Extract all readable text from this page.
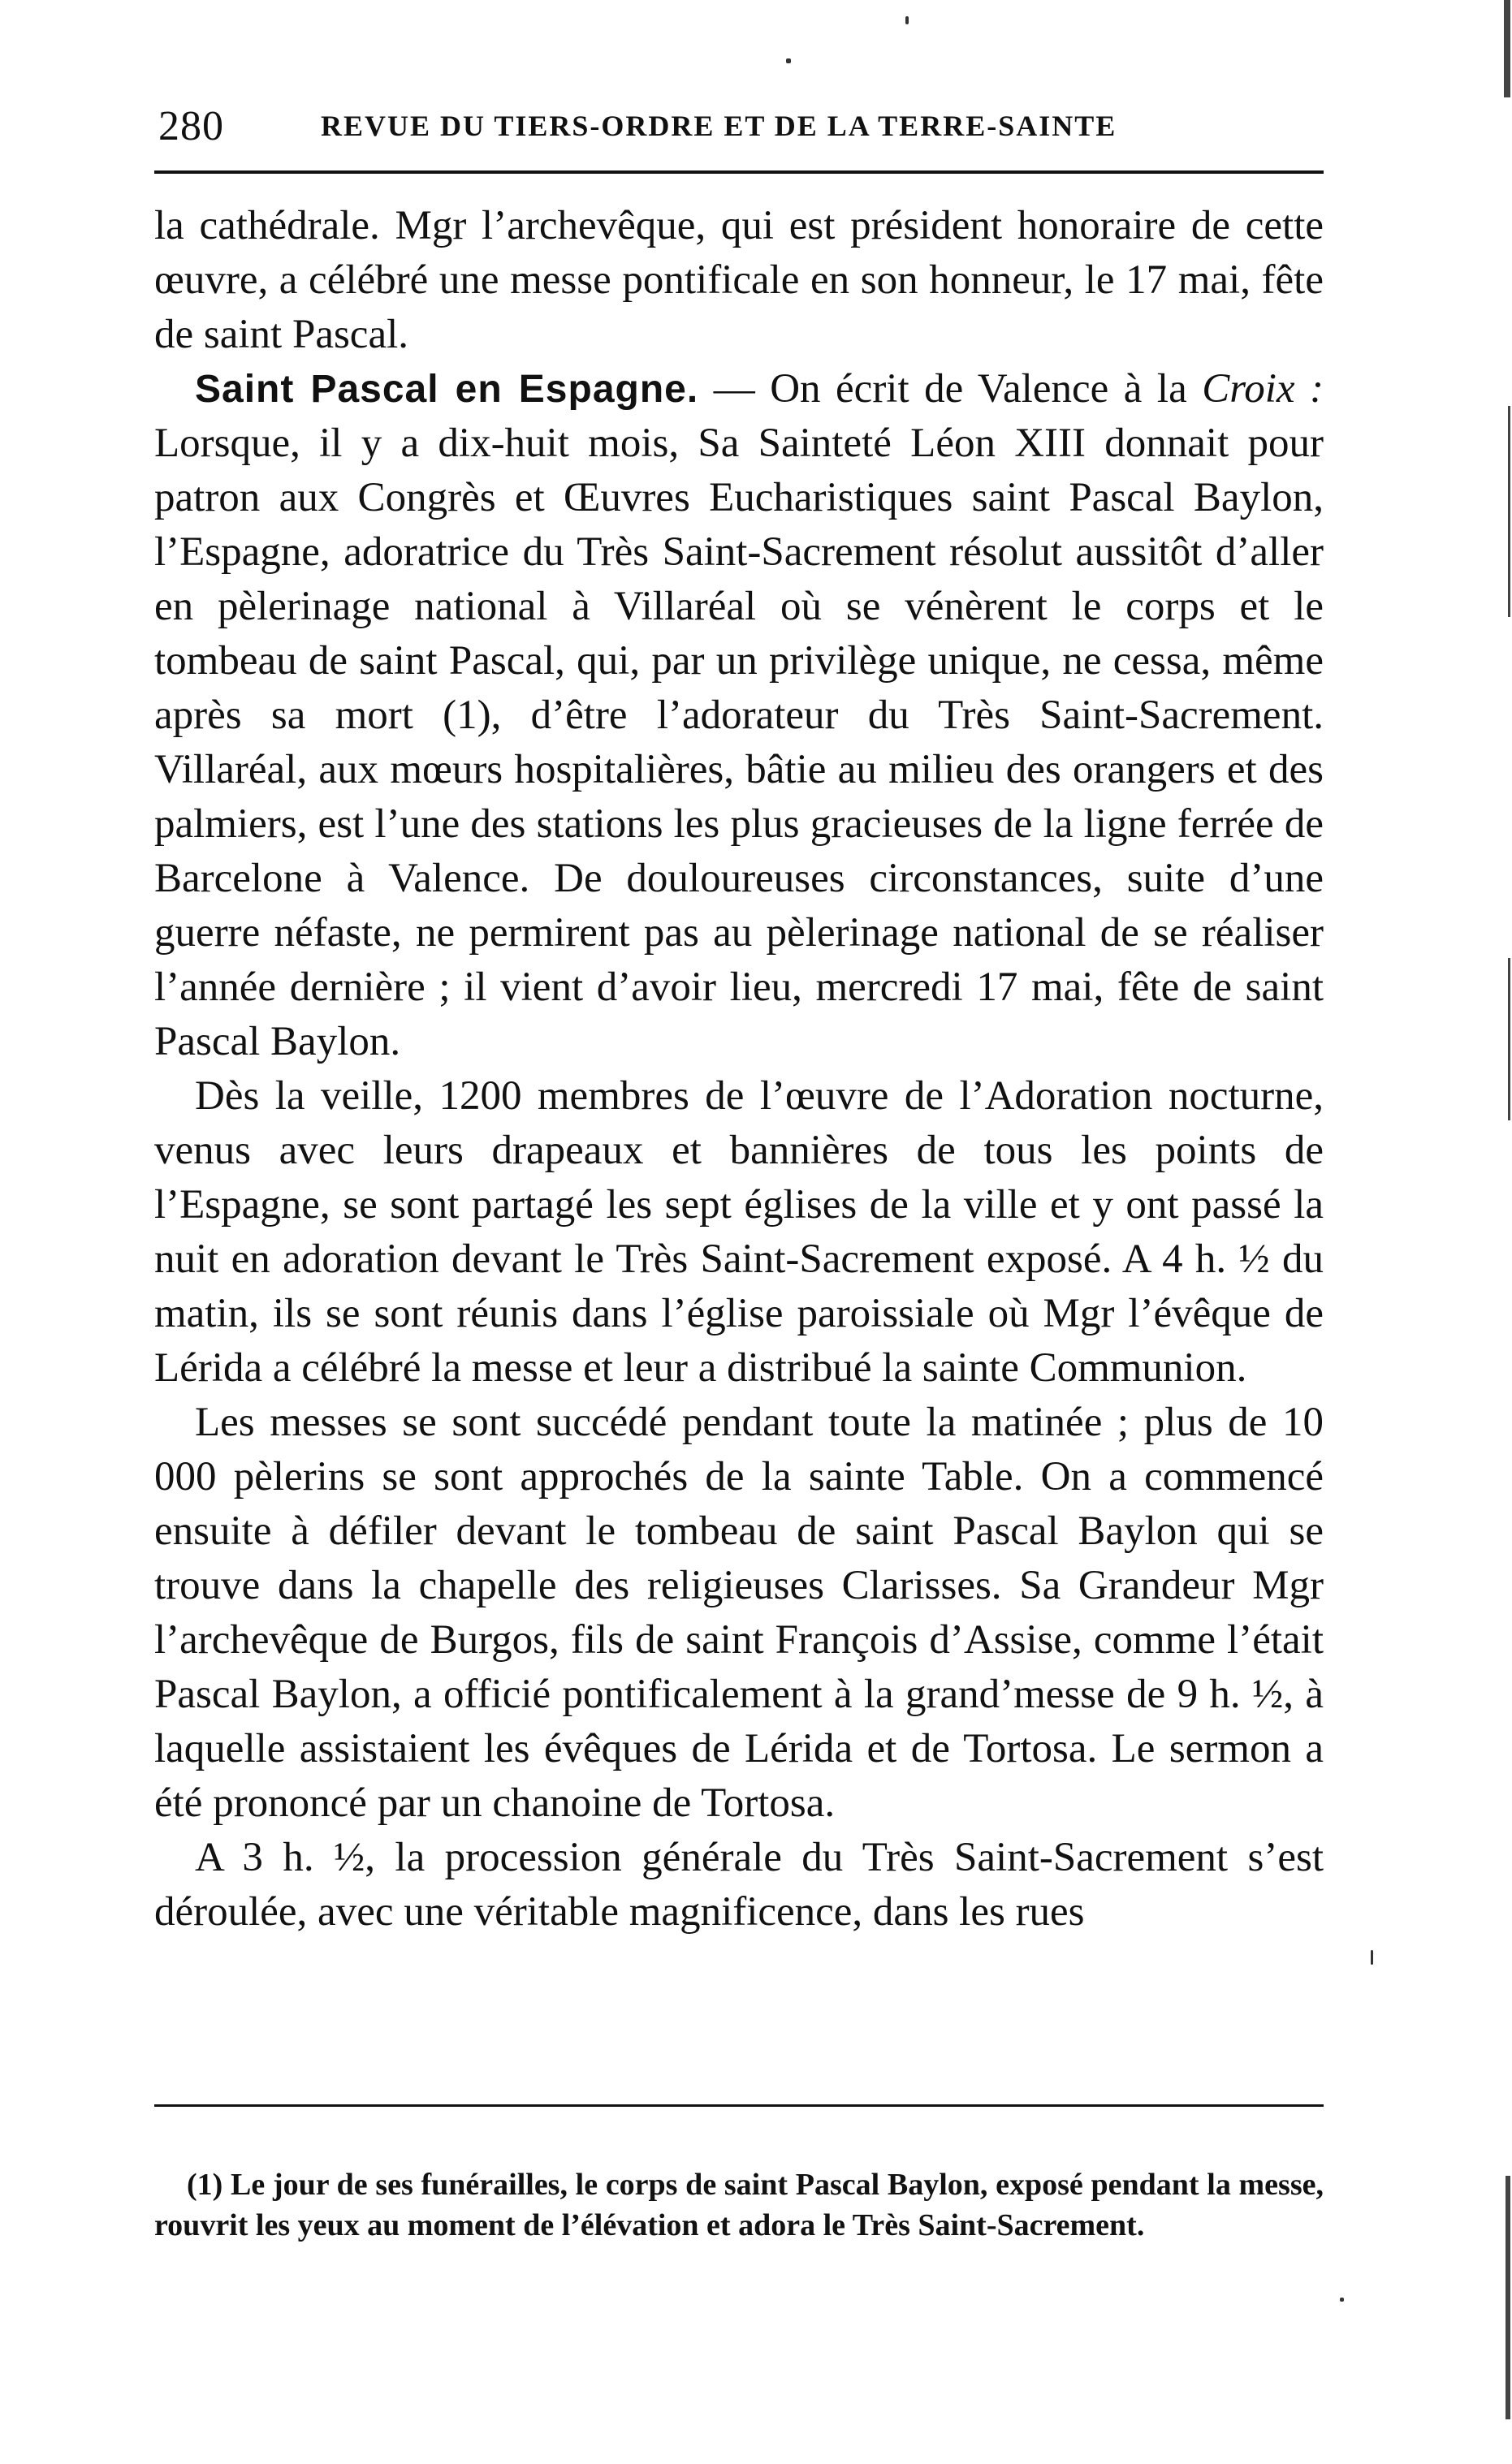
280	REVUE DU TIERS-ORDRE ET DE LA TERRE-SAINTE

la cathédrale. Mgr l’archevêque, qui est président honoraire de cette œuvre, a célébré une messe pontificale en son honneur, le 17 mai, fête de saint Pascal.

Saint Pascal en Espagne. — On écrit de Valence à la Croix : Lorsque, il y a dix-huit mois, Sa Sainteté Léon XIII donnait pour patron aux Congrès et Œuvres Eucharistiques saint Pascal Baylon, l’Espagne, adoratrice du Très Saint-Sacrement résolut aussitôt d’aller en pèlerinage national à Villaréal où se vénèrent le corps et le tombeau de saint Pascal, qui, par un privilège unique, ne cessa, même après sa mort (1), d’être l’adorateur du Très Saint-Sacrement. Villaréal, aux mœurs hospitalières, bâtie au milieu des orangers et des palmiers, est l’une des stations les plus gracieuses de la ligne ferrée de Barcelone à Valence. De douloureuses circonstances, suite d’une guerre néfaste, ne permirent pas au pèlerinage national de se réaliser l’année dernière ; il vient d’avoir lieu, mercredi 17 mai, fête de saint Pascal Baylon.

Dès la veille, 1200 membres de l’œuvre de l’Adoration nocturne, venus avec leurs drapeaux et bannières de tous les points de l’Espagne, se sont partagé les sept églises de la ville et y ont passé la nuit en adoration devant le Très Saint-Sacrement exposé. A 4 h. ½ du matin, ils se sont réunis dans l’église paroissiale où Mgr l’évêque de Lérida a célébré la messe et leur a distribué la sainte Communion.

Les messes se sont succédé pendant toute la matinée ; plus de 10 000 pèlerins se sont approchés de la sainte Table. On a commencé ensuite à défiler devant le tombeau de saint Pascal Baylon qui se trouve dans la chapelle des religieuses Clarisses. Sa Grandeur Mgr l’archevêque de Burgos, fils de saint François d’Assise, comme l’était Pascal Baylon, a officié pontificalement à la grand’messe de 9 h. ½, à laquelle assistaient les évêques de Lérida et de Tortosa. Le sermon a été prononcé par un chanoine de Tortosa.

A 3 h. ½, la procession générale du Très Saint-Sacrement s’est déroulée, avec une véritable magnificence, dans les rues

(1) Le jour de ses funérailles, le corps de saint Pascal Baylon, exposé pendant la messe, rouvrit les yeux au moment de l’élévation et adora le Très Saint-Sacrement.
